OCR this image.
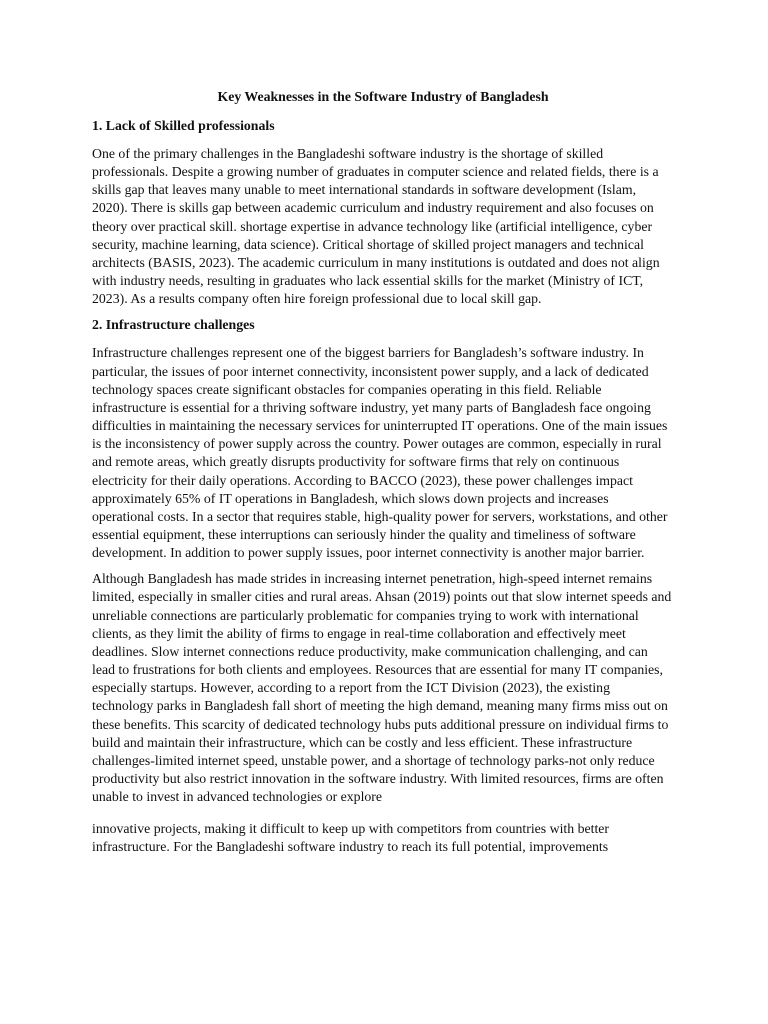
Key Weaknesses in the Software Industry of Bangladesh
1. Lack of Skilled professionals
One of the primary challenges in the Bangladeshi software industry is the shortage of skilled professionals. Despite a growing number of graduates in computer science and related fields, there is a skills gap that leaves many unable to meet international standards in software development (Islam, 2020). There is skills gap between academic curriculum and industry requirement and also focuses on theory over practical skill. shortage expertise in advance technology like (artificial intelligence, cyber security, machine learning, data science). Critical shortage of skilled project managers and technical architects (BASIS, 2023). The academic curriculum in many institutions is outdated and does not align with industry needs, resulting in graduates who lack essential skills for the market (Ministry of ICT, 2023). As a results company often hire foreign professional due to local skill gap.
2. Infrastructure challenges
Infrastructure challenges represent one of the biggest barriers for Bangladesh’s software industry. In particular, the issues of poor internet connectivity, inconsistent power supply, and a lack of dedicated technology spaces create significant obstacles for companies operating in this field. Reliable infrastructure is essential for a thriving software industry, yet many parts of Bangladesh face ongoing difficulties in maintaining the necessary services for uninterrupted IT operations. One of the main issues is the inconsistency of power supply across the country. Power outages are common, especially in rural and remote areas, which greatly disrupts productivity for software firms that rely on continuous electricity for their daily operations. According to BACCO (2023), these power challenges impact approximately 65% of IT operations in Bangladesh, which slows down projects and increases operational costs. In a sector that requires stable, high-quality power for servers, workstations, and other essential equipment, these interruptions can seriously hinder the quality and timeliness of software development. In addition to power supply issues, poor internet connectivity is another major barrier.
Although Bangladesh has made strides in increasing internet penetration, high-speed internet remains limited, especially in smaller cities and rural areas. Ahsan (2019) points out that slow internet speeds and unreliable connections are particularly problematic for companies trying to work with international clients, as they limit the ability of firms to engage in real-time collaboration and effectively meet deadlines. Slow internet connections reduce productivity, make communication challenging, and can lead to frustrations for both clients and employees. Resources that are essential for many IT companies, especially startups. However, according to a report from the ICT Division (2023), the existing technology parks in Bangladesh fall short of meeting the high demand, meaning many firms miss out on these benefits. This scarcity of dedicated technology hubs puts additional pressure on individual firms to build and maintain their infrastructure, which can be costly and less efficient. These infrastructure challenges-limited internet speed, unstable power, and a shortage of technology parks-not only reduce productivity but also restrict innovation in the software industry. With limited resources, firms are often unable to invest in advanced technologies or explore
innovative projects, making it difficult to keep up with competitors from countries with better infrastructure. For the Bangladeshi software industry to reach its full potential, improvements
